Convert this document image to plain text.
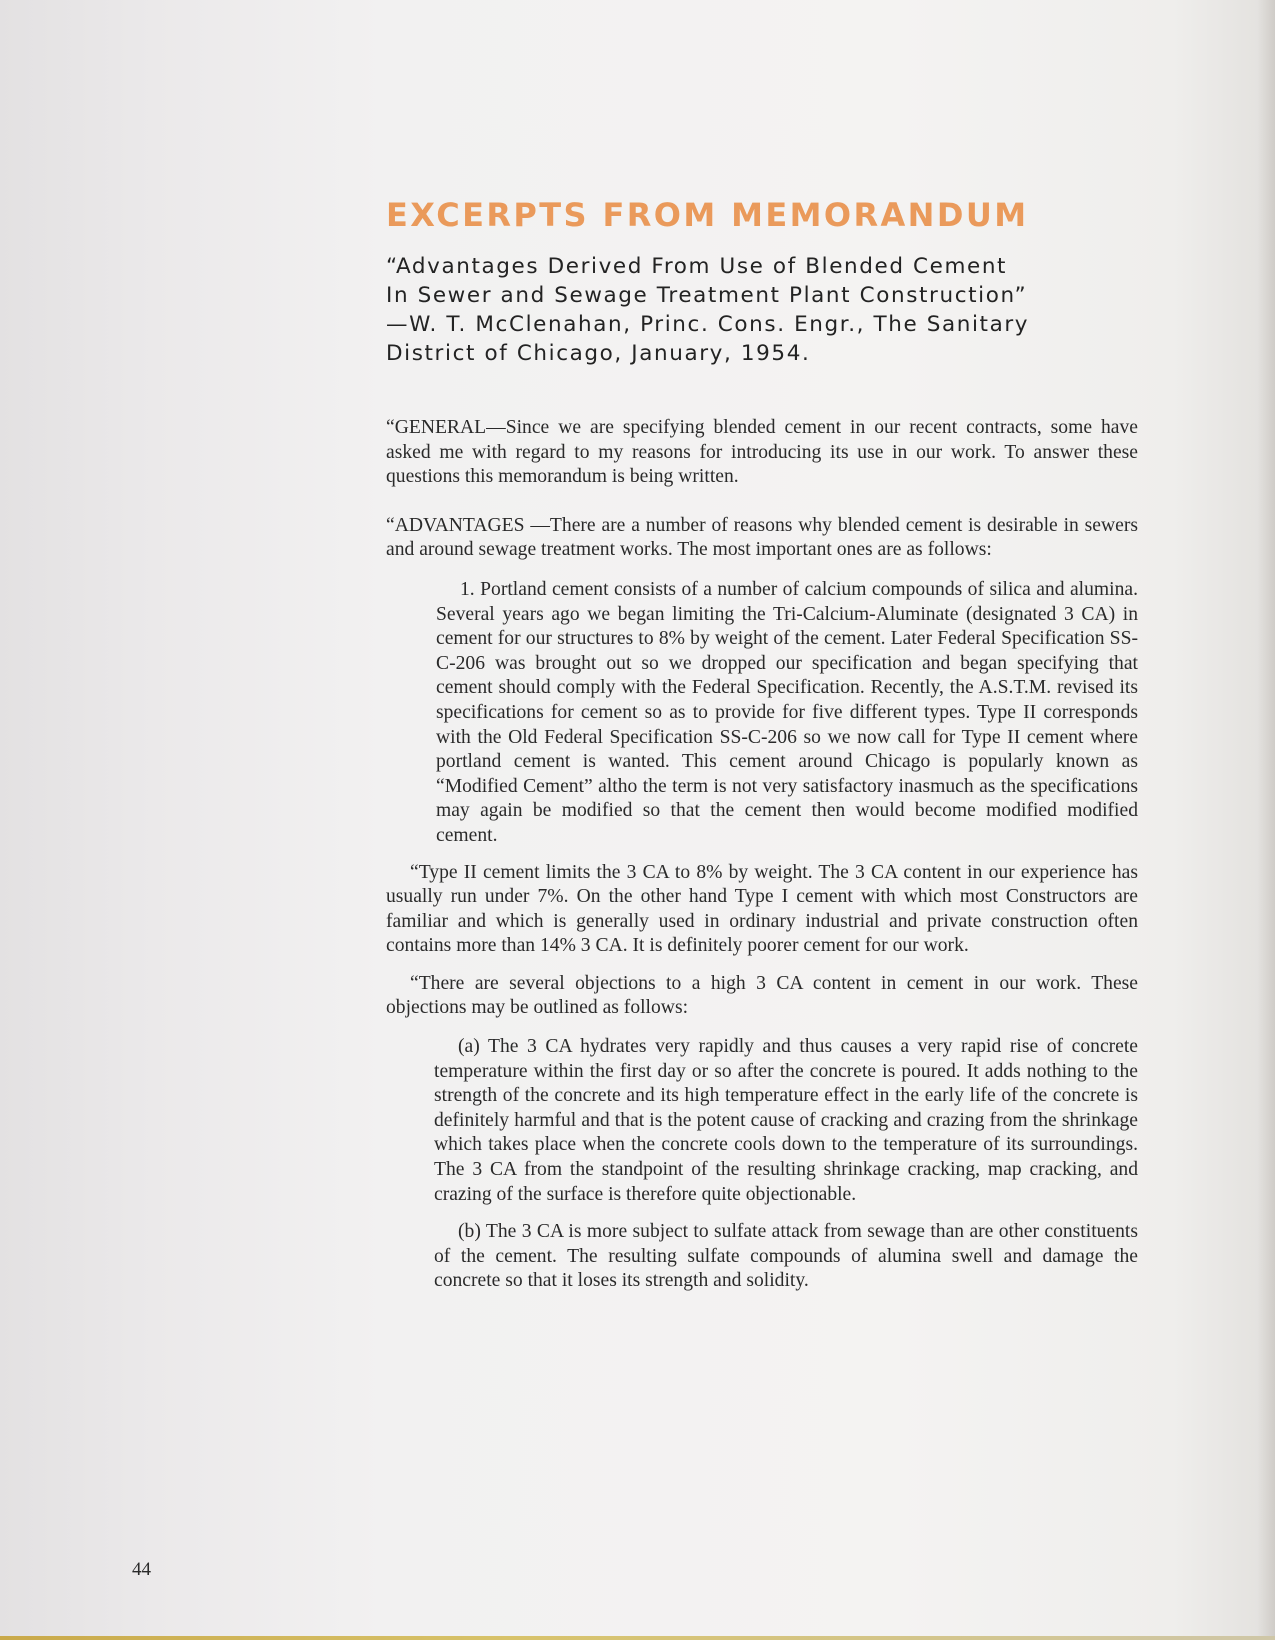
EXCERPTS FROM MEMORANDUM
“Advantages Derived From Use of Blended Cement
In Sewer and Sewage Treatment Plant Construction”
—W. T. McClenahan, Princ. Cons. Engr., The Sanitary
District of Chicago, January, 1954.

“GENERAL—Since we are specifying blended cement in our recent contracts, some have asked me with regard to my reasons for introducing its use in our work. To answer these questions this memorandum is being written.

“ADVANTAGES —There are a number of reasons why blended cement is desirable in sewers and around sewage treatment works. The most important ones are as follows:

1. Portland cement consists of a number of calcium compounds of silica and alumina. Several years ago we began limiting the Tri-Calcium-Aluminate (designated 3 CA) in cement for our structures to 8% by weight of the cement. Later Federal Specification SS-C-206 was brought out so we dropped our specification and began specifying that cement should comply with the Federal Specification. Recently, the A.S.T.M. revised its specifications for cement so as to provide for five different types. Type II corresponds with the Old Federal Specification SS-C-206 so we now call for Type II cement where portland cement is wanted. This cement around Chicago is popularly known as “Modified Cement” altho the term is not very satisfactory inasmuch as the specifications may again be modified so that the cement then would become modified modified cement.

“Type II cement limits the 3 CA to 8% by weight. The 3 CA content in our experience has usually run under 7%. On the other hand Type I cement with which most Constructors are familiar and which is generally used in ordinary industrial and private construction often contains more than 14% 3 CA. It is definitely poorer cement for our work.

“There are several objections to a high 3 CA content in cement in our work. These objections may be outlined as follows:

(a) The 3 CA hydrates very rapidly and thus causes a very rapid rise of concrete temperature within the first day or so after the concrete is poured. It adds nothing to the strength of the concrete and its high temperature effect in the early life of the concrete is definitely harmful and that is the potent cause of cracking and crazing from the shrinkage which takes place when the concrete cools down to the temperature of its surroundings. The 3 CA from the standpoint of the resulting shrinkage cracking, map cracking, and crazing of the surface is therefore quite objectionable.

(b) The 3 CA is more subject to sulfate attack from sewage than are other constituents of the cement. The resulting sulfate compounds of alumina swell and damage the concrete so that it loses its strength and solidity.

44
